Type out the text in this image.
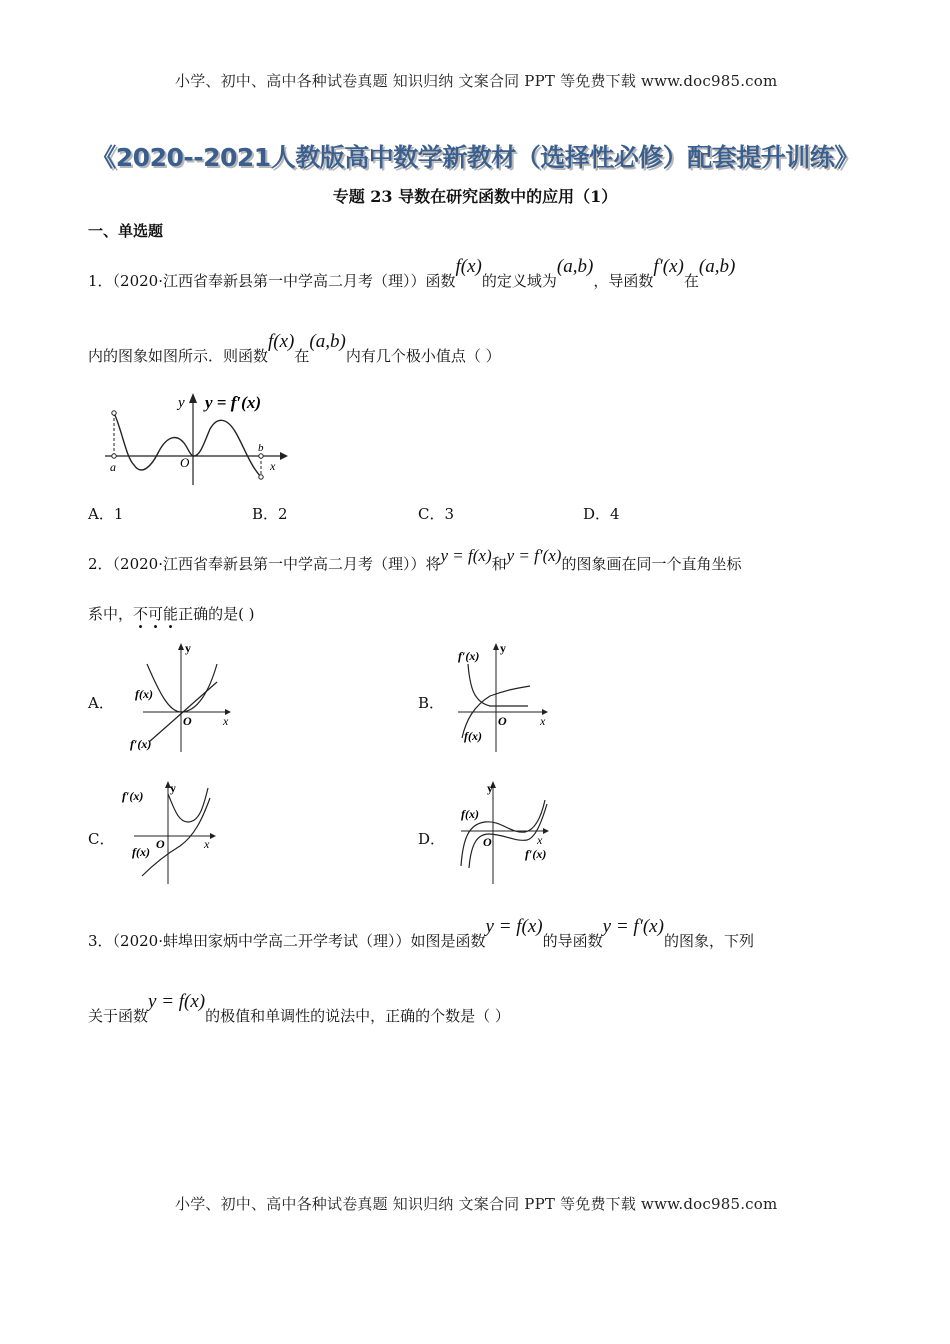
小学、初中、高中各种试卷真题 知识归纳 文案合同 PPT 等免费下载 www.doc985.com
《2020--2021人教版高中数学新教材（选择性必修）配套提升训练》
专题 23 导数在研究函数中的应用（1）
一、单选题
1．（2020·江西省奉新县第一中学高二月考（理））函数f(x)的定义域为(a,b)，导函数f′(x)在(a,b)
内的图象如图所示．则函数f(x)在(a,b)内有几个极小值点（ ）
y y = f′(x)
x
O
a
b
A．1	B．2	C．3	D．4
2．（2020·江西省奉新县第一中学高二月考（理））将y = f(x)和y = f′(x)的图象画在同一个直角坐标
系中，不可能正确的是( )
A．
y
x
O
f(x)
f′(x)
B．
y
x
O
f′(x)
f(x)
C．
y
x
O
f′(x)
f(x)
D．
y
x
O
f(x)
f′(x)
3．（2020·蚌埠田家炳中学高二开学考试（理））如图是函数y = f(x)的导函数y = f′(x)的图象，下列
关于函数y = f(x)的极值和单调性的说法中，正确的个数是（ ）
小学、初中、高中各种试卷真题 知识归纳 文案合同 PPT 等免费下载 www.doc985.com
